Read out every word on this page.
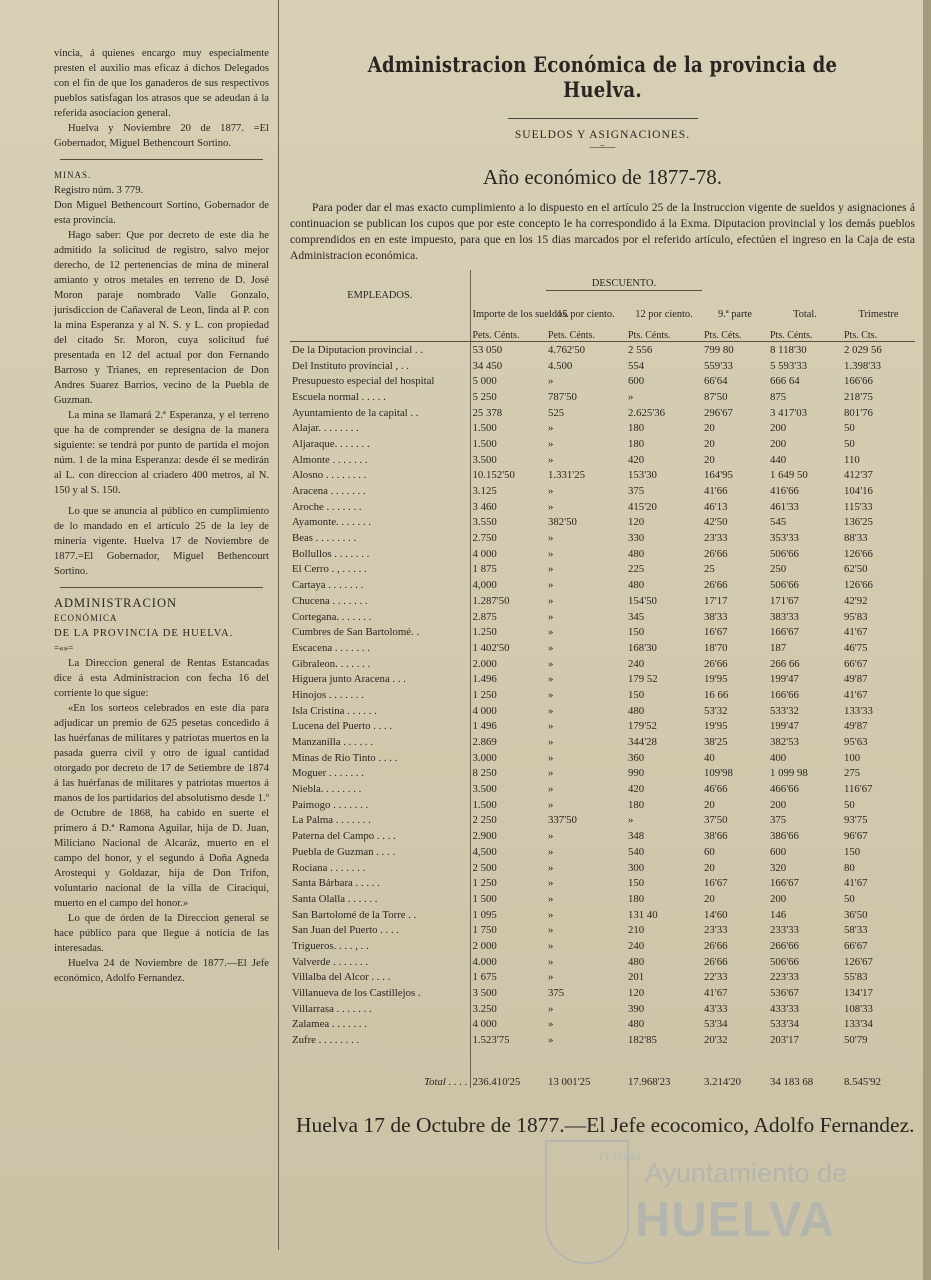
vincia, á quienes encargo muy especialmente presten el auxilio mas eficaz á dichos Delegados con el fin de que los ganaderos de sus respectivos pueblos satisfagan los atrasos que se adeudan á la referida asociacion general.

Huelva y Noviembre 20 de 1877. =El Gobernador, Miguel Bethencourt Sortino.

MINAS.

Registro núm. 3 779.

Don Miguel Bethencourt Sortino, Gobernador de esta provincia.

Hago saber: Que por decreto de este dia he admitido la solicitud de registro, salvo mejor derecho, de 12 pertenencias de mina de mineral amianto y otros metales en terreno de D. José Moron paraje nombrado Valle Gonzalo, jurisdiccion de Cañaveral de Leon, linda al P. con la mina Esperanza y al N. S. y L. con propiedad del citado Sr. Moron, cuya solicitud fué presentada en 12 del actual por don Fernando Barroso y Trianes, en representacion de Don Andres Suarez Barrios, vecino de la Puebla de Guzman.

La mina se llamará 2.ª Esperanza, y el terreno que ha de comprender se designa de la manera siguiente: se tendrá por punto de partida el mojon núm. 1 de la mina Esperanza: desde él se medirán al L. con direccion al criadero 400 metros, al N. 150 y al S. 150.

Lo que se anuncia al público en cumplimiento de lo mandado en el artículo 25 de la ley de minería vigente. Huelva 17 de Noviembre de 1877.=El Gobernador, Miguel Bethencourt Sortino.

ADMINISTRACION

ECONÓMICA

DE LA PROVINCIA DE HUELVA.

=«»=

La Direccion general de Rentas Estancadas dice á esta Administracion con fecha 16 del corriente lo que sigue:

«En los sorteos celebrados en este dia para adjudicar un premio de 625 pesetas concedido á las huérfanas de militares y patriotas muertos en la pasada guerra civil y otro de igual cantidad otorgado por decreto de 17 de Setiembre de 1874 á las huérfanas de militares y patriotas muertos á manos de los partidarios del absolutismo desde 1.º de Octubre de 1868, ha cabido en suerte el primero á D.ª Ramona Aguilar, hija de D. Juan, Miliciano Nacional de Alcaráz, muerto en el campo del honor, y el segundo á Doña Agneda Arostequi y Goldazar, hija de Don Trifon, voluntario nacional de la villa de Ciraciqui, muerto en el campo del honor.»

Lo que de órden de la Direccion general se hace público para que llegue á noticia de las interesadas.

Huelva 24 de Noviembre de 1877.—El Jefe económico, Adolfo Fernandez.

Administracion Económica de la provincia de Huelva.
SUELDOS Y ASIGNACIONES.
—=—
Año económico de 1877-78.

Para poder dar el mas exacto cumplimiento a lo dispuesto en el artículo 25 de la Instruccion vigente de sueldos y asignaciones á continuacion se publican los cupos que por este concepto le ha correspondido á la Exma. Diputacion provincial y los demás pueblos comprendidos en en este impuesto, para que en los 15 dias marcados por el referido artículo, efectúen el ingreso en la Caja de esta Administracion económica.

EMPLEADOS.	Importe de los sueldos.	DESCUENTO.				
		15 por ciento.	12 por ciento.	9.ª parte	Total.	Trimestre
	Pets. Cénts.	Pets. Cénts.	Pts. Cénts.	Pts. Céts.	Pts. Cénts.	Pts. Cts.
De la Diputacion provincial . .	53 050	4.762'50	2 556	799 80	8 118'30	2 029 56
Del Instituto provincial , . .	34 450	4.500	554	559'33	5 593'33	1.398'33
Presupuesto especial del hospital	5 000	»	600	66'64	666 64	166'66
Escuela normal . . . . .	5 250	787'50	»	87'50	875	218'75
Ayuntamiento de la capital . .	25 378	525	2.625'36	296'67	3 417'03	801'76
Alajar. . . . . . . .	1.500	»	180	20	200	50
Aljaraque. . . . . . .	1.500	»	180	20	200	50
Almonte . . . . . . .	3.500	»	420	20	440	110
Alosno . . . . . . . .	10.152'50	1.331'25	153'30	164'95	1 649 50	412'37
Aracena . . . . . . .	3.125	»	375	41'66	416'66	104'16
Aroche . . . . . . .	3 460	»	415'20	46'13	461'33	115'33
Ayamonte. . . . . . .	3.550	382'50	120	42'50	545	136'25
Beas . . . . . . . .	2.750	»	330	23'33	353'33	88'33
Bollullos . . . . . . .	4 000	»	480	26'66	506'66	126'66
El Cerro . , . . . . .	1 875	»	225	25	250	62'50
Cartaya . . . . . . .	4,000	»	480	26'66	506'66	126'66
Chucena . . . . . . .	1.287'50	»	154'50	17'17	171'67	42'92
Cortegana. . . . . . .	2.875	»	345	38'33	383'33	95'83
Cumbres de San Bartolomé. .	1.250	»	150	16'67	166'67	41'67
Escacena . . . . . . .	1 402'50	»	168'30	18'70	187	46'75
Gibraleon. . . . . . .	2.000	»	240	26'66	266 66	66'67
Higuera junto Aracena . . .	1.496	»	179 52	19'95	199'47	49'87
Hinojos . . . . . . .	1 250	»	150	16 66	166'66	41'67
Isla Cristina . . . . . .	4 000	»	480	53'32	533'32	133'33
Lucena del Puerto . . . .	1 496	»	179'52	19'95	199'47	49'87
Manzanilla . . . . . .	2.869	»	344'28	38'25	382'53	95'63
Minas de Rio Tinto . . . .	3.000	»	360	40	400	100
Moguer . . . . . . .	8 250	»	990	109'98	1 099 98	275
Niebla. . . . . . . .	3.500	»	420	46'66	466'66	116'67
Paimogo . . . . . . .	1.500	»	180	20	200	50
La Palma . . . . . . .	2 250	337'50	»	37'50	375	93'75
Paterna del Campo . . . .	2.900	»	348	38'66	386'66	96'67
Puebla de Guzman . . . .	4,500	»	540	60	600	150
Rociana . . . . . . .	2 500	»	300	20	320	80
Santa Bárbara . . . . .	1 250	»	150	16'67	166'67	41'67
Santa Olalla . . . . . .	1 500	»	180	20	200	50
San Bartolomé de la Torre . .	1 095	»	131 40	14'60	146	36'50
San Juan del Puerto . . . .	1 750	»	210	23'33	233'33	58'33
Trigueros. . . . , . .	2 000	»	240	26'66	266'66	66'67
Valverde . . . . . . .	4.000	»	480	26'66	506'66	126'67
Villalba del Alcor . . . .	1 675	»	201	22'33	223'33	55'83
Villanueva de los Castillejos .	3 500	375	120	41'67	536'67	134'17
Villarrasa . . . . . . .	3.250	»	390	43'33	433'33	108'33
Zalamea . . . . . . .	4 000	»	480	53'34	533'34	133'34
Zufre . . . . . . . .	1.523'75	»	182'85	20'32	203'17	50'79
Total . . . .	236.410'25	13 001'25	17.968'23	3.214'20	34 183 68	8.545'92
Huelva 17 de Octubre de 1877.—El Jefe ecocomico, Adolfo Fernandez.
ET TERRA
Ayuntamiento de
HUELVA
